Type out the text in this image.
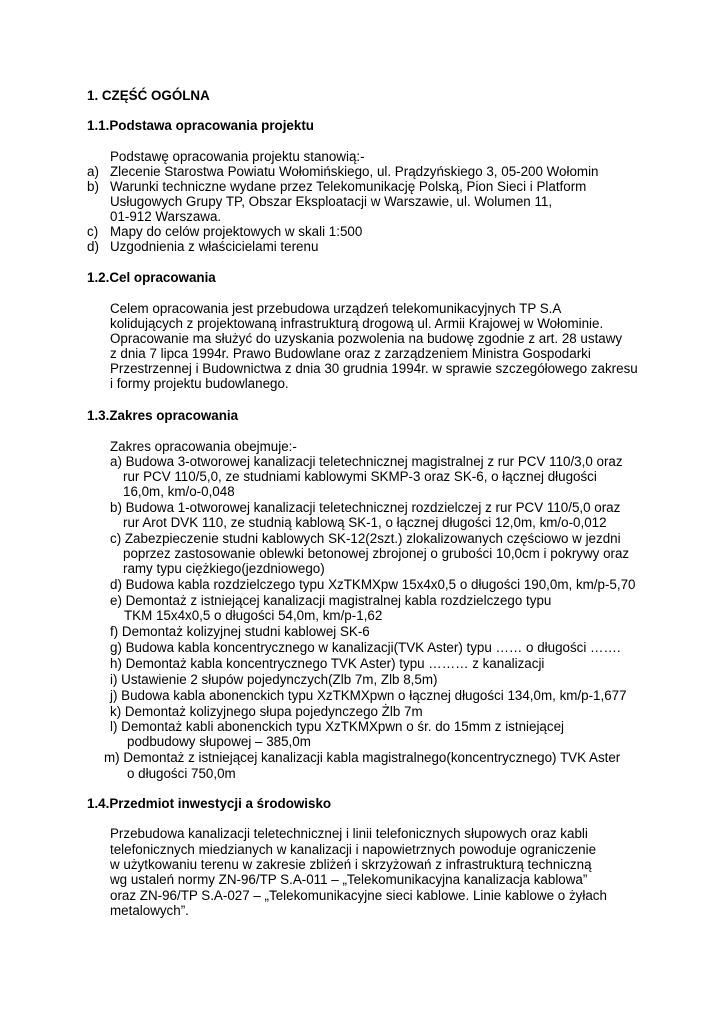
1. CZĘŚĆ OGÓLNA
1.1.Podstawa opracowania projektu
Podstawę opracowania projektu stanowią:-
a) Zlecenie Starostwa Powiatu Wołomińskiego, ul. Prądzyńskiego 3, 05-200 Wołomin
b) Warunki techniczne wydane przez Telekomunikację Polską, Pion Sieci i Platform
Usługowych Grupy TP, Obszar Eksploatacji w Warszawie, ul. Wolumen 11,
01-912 Warszawa.
c) Mapy do celów projektowych w skali 1:500
d) Uzgodnienia z właścicielami terenu
1.2.Cel opracowania
Celem opracowania jest przebudowa urządzeń telekomunikacyjnych TP S.A
kolidujących z projektowaną infrastrukturą drogową ul. Armii Krajowej w Wołominie.
Opracowanie ma służyć do uzyskania pozwolenia na budowę zgodnie z art. 28 ustawy
z dnia 7 lipca 1994r. Prawo Budowlane oraz z zarządzeniem Ministra Gospodarki
Przestrzennej i Budownictwa z dnia 30 grudnia 1994r. w sprawie szczegółowego zakresu
i formy projektu budowlanego.
1.3.Zakres opracowania
Zakres opracowania obejmuje:-
a) Budowa 3-otworowej kanalizacji teletechnicznej magistralnej z rur PCV 110/3,0 oraz
rur PCV 110/5,0, ze studniami kablowymi SKMP-3 oraz SK-6, o łącznej długości
16,0m, km/o-0,048
b) Budowa 1-otworowej kanalizacji teletechnicznej rozdzielczej z rur PCV 110/5,0 oraz
rur Arot DVK 110, ze studnią kablową SK-1, o łącznej długości 12,0m, km/o-0,012
c) Zabezpieczenie studni kablowych SK-12(2szt.) zlokalizowanych częściowo w jezdni
poprzez zastosowanie oblewki betonowej zbrojonej o grubości 10,0cm i pokrywy oraz
ramy typu ciężkiego(jezdniowego)
d) Budowa kabla rozdzielczego typu XzTKMXpw 15x4x0,5 o długości 190,0m, km/p-5,70
e) Demontaż z istniejącej kanalizacji magistralnej kabla rozdzielczego typu
TKM 15x4x0,5 o długości 54,0m, km/p-1,62
f) Demontaż kolizyjnej studni kablowej SK-6
g) Budowa kabla koncentrycznego w kanalizacji(TVK Aster) typu …… o długości …….
h) Demontaż kabla koncentrycznego TVK Aster) typu ……… z kanalizacji
i) Ustawienie 2 słupów pojedynczych(Zlb 7m, Zlb 8,5m)
j) Budowa kabla abonenckich typu XzTKMXpwn o łącznej długości 134,0m, km/p-1,677
k) Demontaż kolizyjnego słupa pojedynczego Żlb 7m
l) Demontaż kabli abonenckich typu XzTKMXpwn o śr. do 15mm z istniejącej
podbudowy słupowej – 385,0m
m) Demontaż z istniejącej kanalizacji kabla magistralnego(koncentrycznego) TVK Aster
o długości 750,0m
1.4.Przedmiot inwestycji a środowisko
Przebudowa kanalizacji teletechnicznej i linii telefonicznych słupowych oraz kabli
telefonicznych miedzianych w kanalizacji i napowietrznych powoduje ograniczenie
w użytkowaniu terenu w zakresie zbliżeń i skrzyżowań z infrastrukturą techniczną
wg ustaleń normy ZN-96/TP S.A-011 – „Telekomunikacyjna kanalizacja kablowa”
oraz ZN-96/TP S.A-027 – „Telekomunikacyjne sieci kablowe. Linie kablowe o żyłach
metalowych”.
